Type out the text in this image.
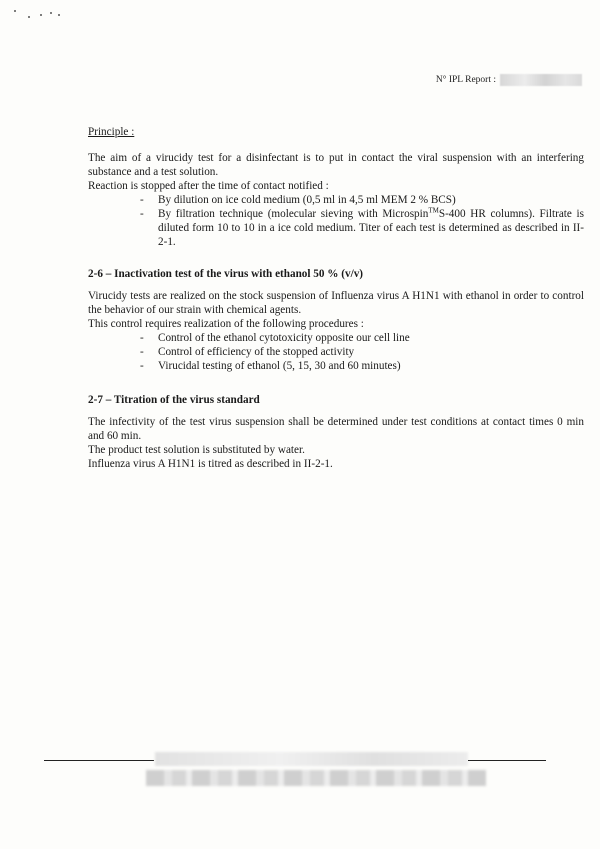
N° IPL Report :

Principle :

The aim of a virucidy test for a disinfectant is to put in contact the viral suspension with an interfering substance and a test solution.

Reaction is stopped after the time of contact notified :

- By dilution on ice cold medium (0,5 ml in 4,5 ml MEM 2 % BCS)
- By filtration technique (molecular sieving with Microspin™S-400 HR columns). Filtrate is diluted form 10 to 10 in a ice cold medium. Titer of each test is determined as described in II-2-1.
2-6 – Inactivation test of the virus with ethanol 50 % (v/v)

Virucidy tests are realized on the stock suspension of Influenza virus A H1N1 with ethanol in order to control the behavior of our strain with chemical agents.

This control requires realization of the following procedures :

- Control of the ethanol cytotoxicity opposite our cell line
- Control of efficiency of the stopped activity
- Virucidal testing of ethanol (5, 15, 30 and 60 minutes)
2-7 – Titration of the virus standard

The infectivity of the test virus suspension shall be determined under test conditions at contact times 0 min and 60 min.

The product test solution is substituted by water.

Influenza virus A H1N1 is titred as described in II-2-1.
